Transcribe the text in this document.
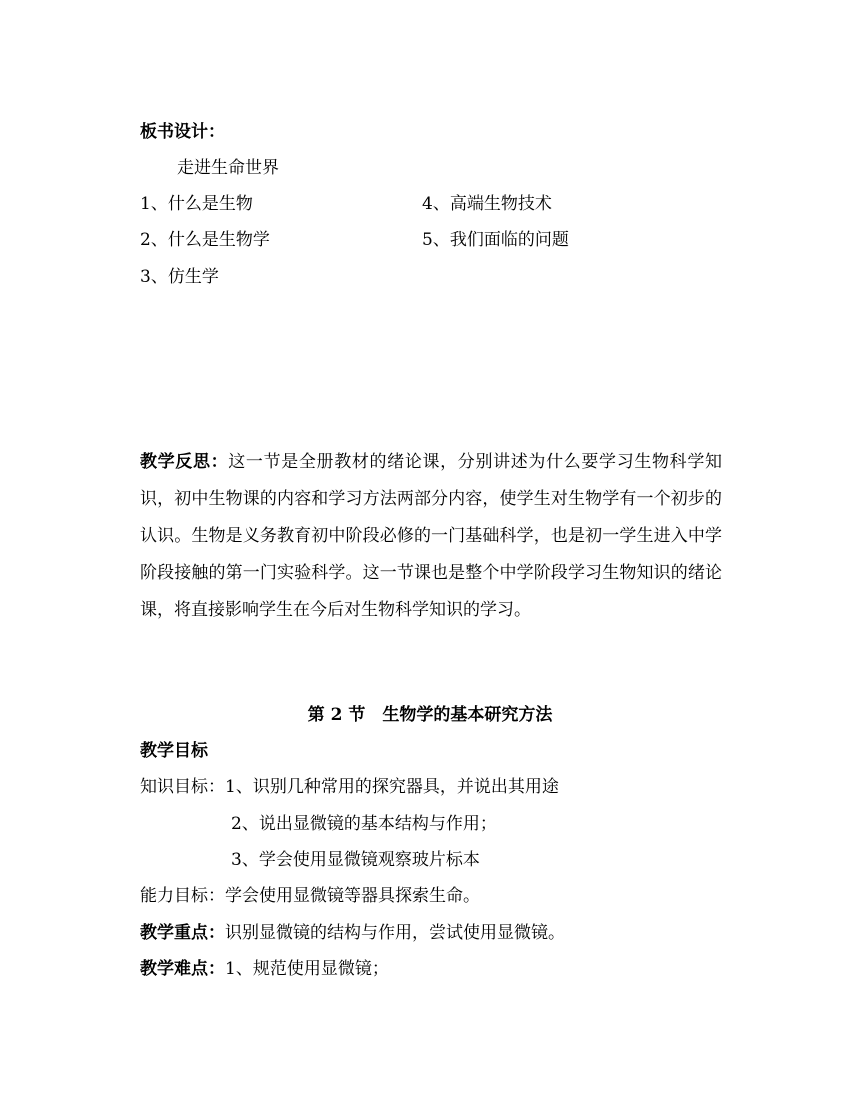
板书设计：
走进生命世界
1、什么是生物	4、高端生物技术
2、什么是生物学	5、我们面临的问题
3、仿生学
教学反思：这一节是全册教材的绪论课，分别讲述为什么要学习生物科学知识，初中生物课的内容和学习方法两部分内容，使学生对生物学有一个初步的认识。生物是义务教育初中阶段必修的一门基础科学，也是初一学生进入中学阶段接触的第一门实验科学。这一节课也是整个中学阶段学习生物知识的绪论课，将直接影响学生在今后对生物科学知识的学习。
第 2 节　生物学的基本研究方法
教学目标
知识目标：1、识别几种常用的探究器具，并说出其用途
2、说出显微镜的基本结构与作用；
3、学会使用显微镜观察玻片标本
能力目标：学会使用显微镜等器具探索生命。
教学重点：识别显微镜的结构与作用，尝试使用显微镜。
教学难点：1、规范使用显微镜；
